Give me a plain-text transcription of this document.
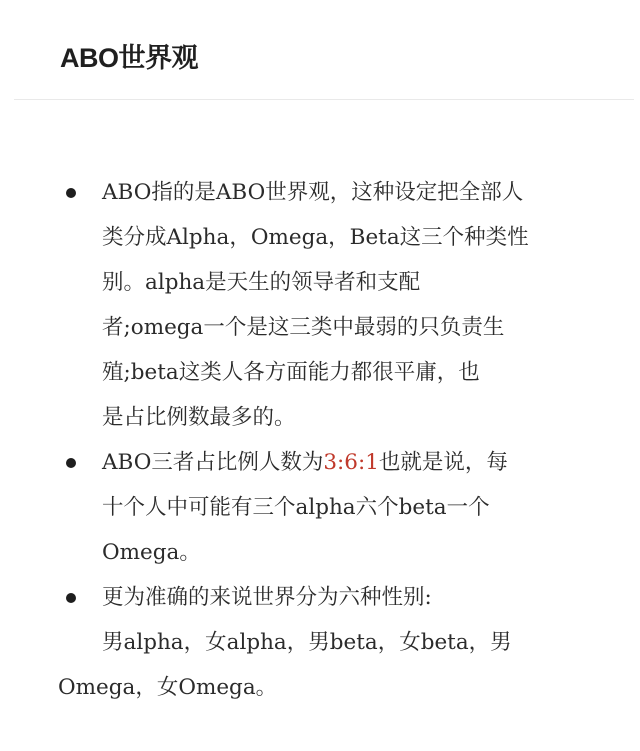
ABO世界观
ABO指的是ABO世界观，这种设定把全部人
类分成Alpha，Omega，Beta这三个种类性
别。alpha是天生的领导者和支配
者;omega一个是这三类中最弱的只负责生
殖;beta这类人各方面能力都很平庸，也
是占比例数最多的。
ABO三者占比例人数为3:6:1也就是说，每
十个人中可能有三个alpha六个beta一个
Omega。
更为准确的来说世界分为六种性别:
男alpha，女alpha，男beta，女beta，男
Omega，女Omega。
